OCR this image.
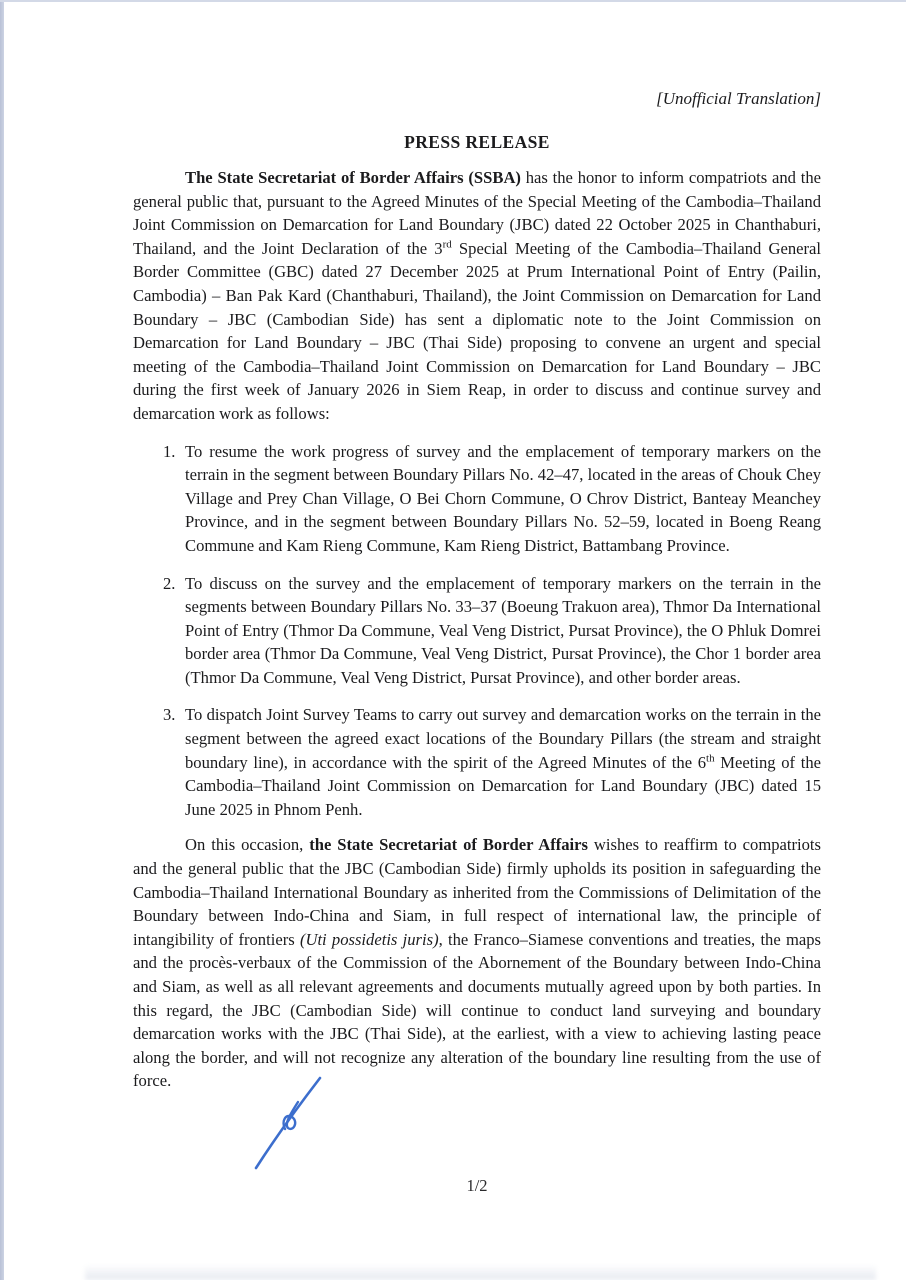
[Unofficial Translation]
PRESS RELEASE

The State Secretariat of Border Affairs (SSBA) has the honor to inform compatriots and the general public that, pursuant to the Agreed Minutes of the Special Meeting of the Cambodia–Thailand Joint Commission on Demarcation for Land Boundary (JBC) dated 22 October 2025 in Chanthaburi, Thailand, and the Joint Declaration of the 3rd Special Meeting of the Cambodia–Thailand General Border Committee (GBC) dated 27 December 2025 at Prum International Point of Entry (Pailin, Cambodia) – Ban Pak Kard (Chanthaburi, Thailand), the Joint Commission on Demarcation for Land Boundary – JBC (Cambodian Side) has sent a diplomatic note to the Joint Commission on Demarcation for Land Boundary – JBC (Thai Side) proposing to convene an urgent and special meeting of the Cambodia–Thailand Joint Commission on Demarcation for Land Boundary – JBC during the first week of January 2026 in Siem Reap, in order to discuss and continue survey and demarcation work as follows:

1. To resume the work progress of survey and the emplacement of temporary markers on the terrain in the segment between Boundary Pillars No. 42–47, located in the areas of Chouk Chey Village and Prey Chan Village, O Bei Chorn Commune, O Chrov District, Banteay Meanchey Province, and in the segment between Boundary Pillars No. 52–59, located in Boeng Reang Commune and Kam Rieng Commune, Kam Rieng District, Battambang Province.
2. To discuss on the survey and the emplacement of temporary markers on the terrain in the segments between Boundary Pillars No. 33–37 (Boeung Trakuon area), Thmor Da International Point of Entry (Thmor Da Commune, Veal Veng District, Pursat Province), the O Phluk Domrei border area (Thmor Da Commune, Veal Veng District, Pursat Province), the Chor 1 border area (Thmor Da Commune, Veal Veng District, Pursat Province), and other border areas.
3. To dispatch Joint Survey Teams to carry out survey and demarcation works on the terrain in the segment between the agreed exact locations of the Boundary Pillars (the stream and straight boundary line), in accordance with the spirit of the Agreed Minutes of the 6th Meeting of the Cambodia–Thailand Joint Commission on Demarcation for Land Boundary (JBC) dated 15 June 2025 in Phnom Penh.

On this occasion, the State Secretariat of Border Affairs wishes to reaffirm to compatriots and the general public that the JBC (Cambodian Side) firmly upholds its position in safeguarding the Cambodia–Thailand International Boundary as inherited from the Commissions of Delimitation of the Boundary between Indo-China and Siam, in full respect of international law, the principle of intangibility of frontiers (Uti possidetis juris), the Franco–Siamese conventions and treaties, the maps and the procès-verbaux of the Commission of the Abornement of the Boundary between Indo-China and Siam, as well as all relevant agreements and documents mutually agreed upon by both parties. In this regard, the JBC (Cambodian Side) will continue to conduct land surveying and boundary demarcation works with the JBC (Thai Side), at the earliest, with a view to achieving lasting peace along the border, and will not recognize any alteration of the boundary line resulting from the use of force.

1/2
